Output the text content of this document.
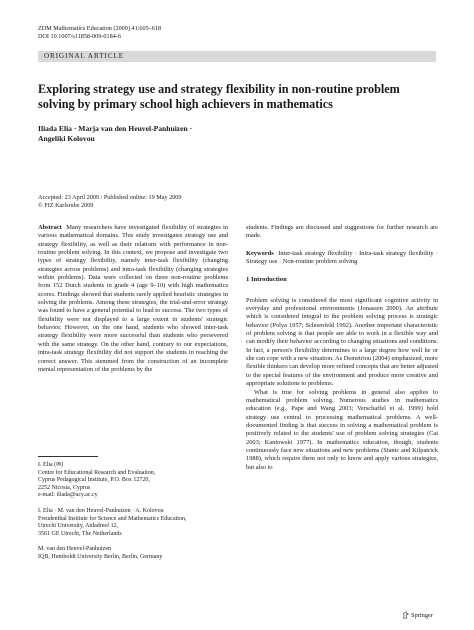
ZDM Mathematics Education (2009) 41:605–618
DOI 10.1007/s11858-009-0184-6
ORIGINAL ARTICLE
Exploring strategy use and strategy flexibility in non-routine problem solving by primary school high achievers in mathematics
Iliada Elia · Marja van den Heuvel-Panhuizen ·
Angeliki Kolovou
Accepted: 23 April 2009 / Published online: 19 May 2009
© FIZ Karlsruhe 2009

Abstract Many researchers have investigated flexibility of strategies in various mathematical domains. This study investigates strategy use and strategy flexibility, as well as their relations with performance in non-routine problem solving. In this context, we propose and investigate two types of strategy flexibility, namely inter-task flexibility (changing strategies across problems) and intra-task flexibility (changing strategies within problems). Data were collected on three non-routine problems from 152 Dutch students in grade 4 (age 9–10) with high mathematics scores. Findings showed that students rarely applied heuristic strategies in solving the problems. Among these strategies, the trial-and-error strategy was found to have a general potential to lead to success. The two types of flexibility were not displayed to a large extent in students' strategic behavior. However, on the one hand, students who showed inter-task strategy flexibility were more successful than students who persevered with the same strategy. On the other hand, contrary to our expectations, intra-task strategy flexibility did not support the students in reaching the correct answer. This stemmed from the construction of an incomplete mental representation of the problems by the

I. Elia (✉)
Centre for Educational Research and Evaluation,
Cyprus Pedagogical Institute, P.O. Box 12720,
2252 Nicosia, Cyprus
e-mail: iliada@ucy.ac.cy
I. Elia · M. van den Heuvel-Panhuizen · A. Kolovou
Freudenthal Institute for Science and Mathematics Education,
Utrecht University, Aïdadreef 12,
3561 GE Utrecht, The Netherlands
M. van den Heuvel-Panhuizen
IQB, Humboldt University Berlin, Berlin, Germany

students. Findings are discussed and suggestions for further research are made.

Keywords Inter-task strategy flexibility · Intra-task strategy flexibility · Strategy use · Non-routine problem solving

1 Introduction

Problem solving is considered the most significant cognitive activity in everyday and professional environments (Jonassen 2000). An attribute which is considered integral to the problem solving process is strategic behavior (Polya 1957; Schoenfeld 1992). Another important characteristic of problem solving is that people are able to work in a flexible way and can modify their behavior according to changing situations and conditions. In fact, a person's flexibility determines to a large degree how well he or she can cope with a new situation. As Demetriou (2004) emphasized, more flexible thinkers can develop more refined concepts that are better adjusted to the special features of the environment and produce more creative and appropriate solutions to problems.

What is true for solving problems in general also applies to mathematical problem solving. Numerous studies in mathematics education (e.g., Pape and Wang 2003; Verschaffel et al. 1999) hold strategy use central to processing mathematical problems. A well-documented finding is that success in solving a mathematical problem is positively related to the students' use of problem solving strategies (Cai 2003; Kantowski 1977). In mathematics education, though, students continuously face new situations and new problems (Stanic and Kilpatrick 1988), which require them not only to know and apply various strategies, but also to

Springer
